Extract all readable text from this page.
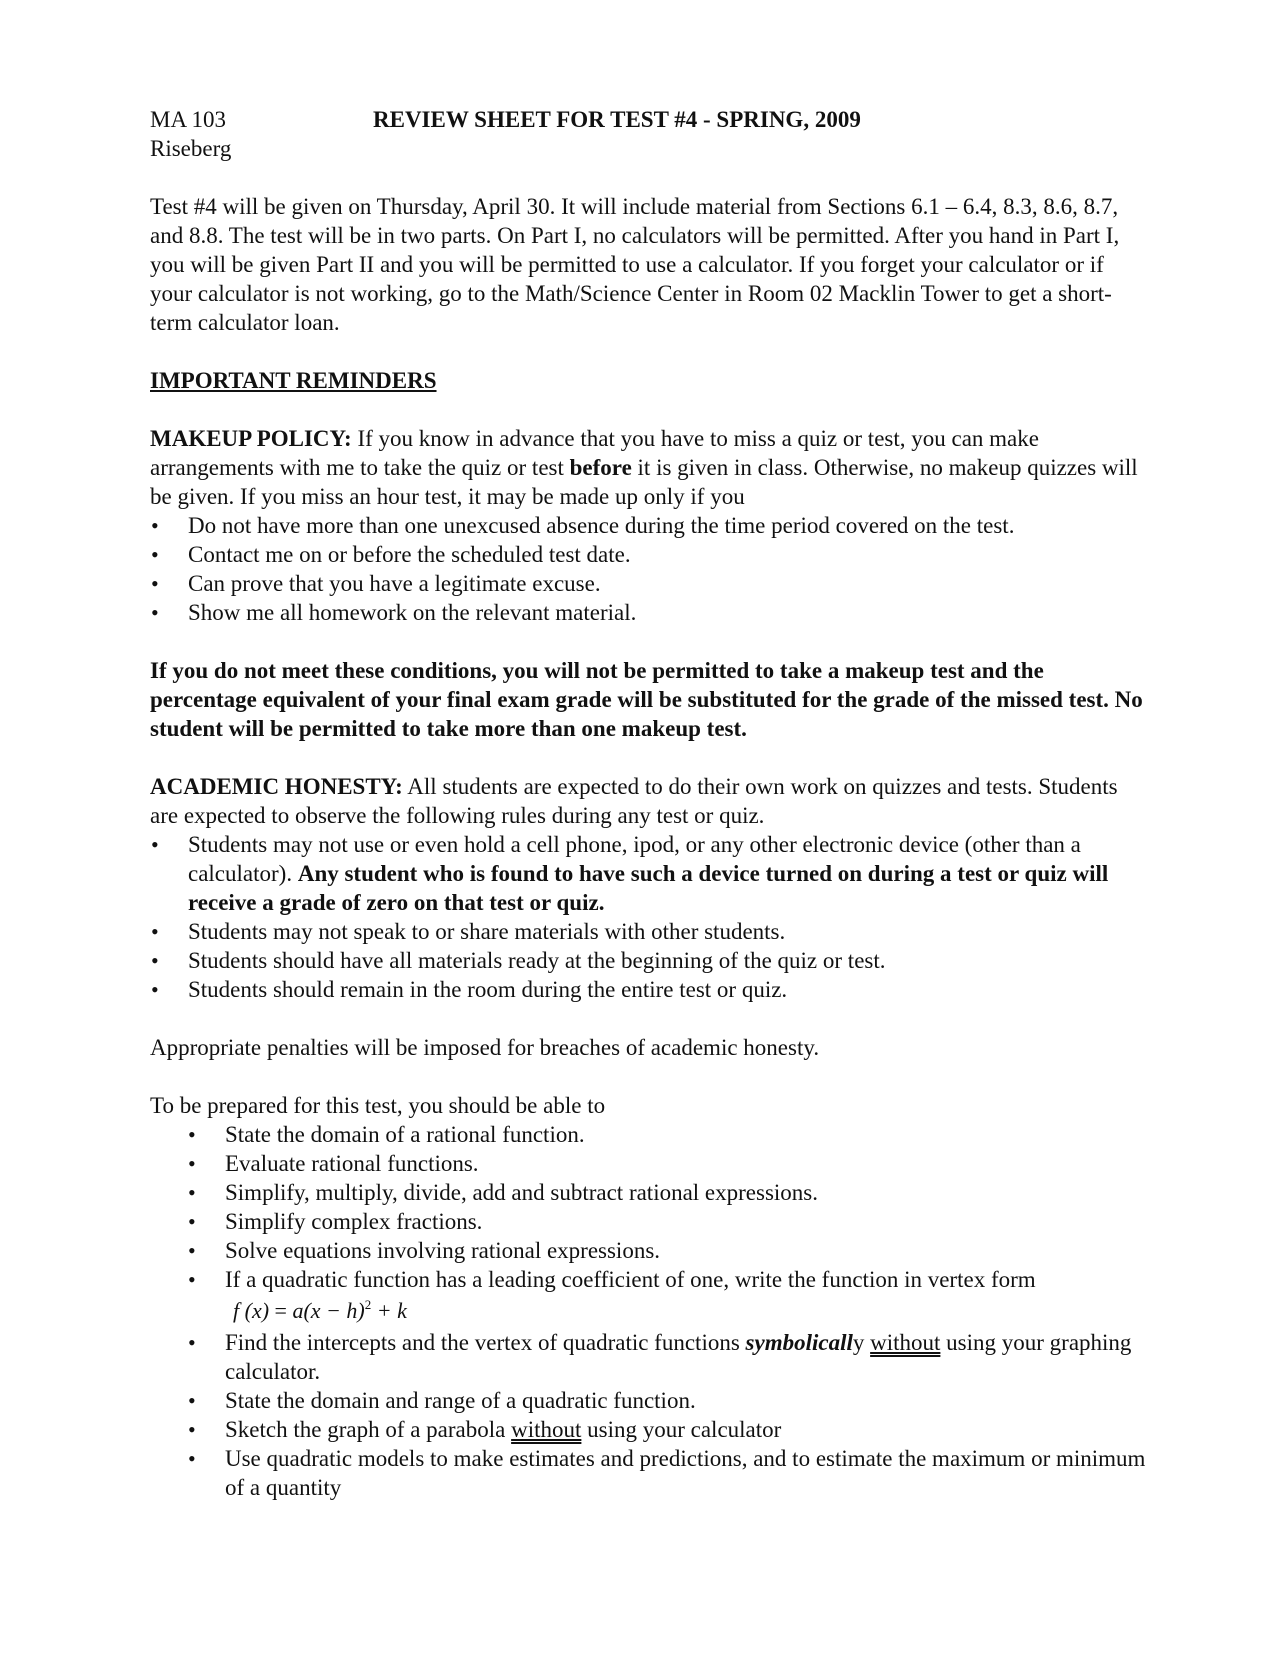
MA 103	REVIEW SHEET FOR TEST #4 - SPRING, 2009

Riseberg

Test #4 will be given on Thursday, April 30. It will include material from Sections 6.1 – 6.4, 8.3, 8.6, 8.7, and 8.8. The test will be in two parts. On Part I, no calculators will be permitted. After you hand in Part I, you will be given Part II and you will be permitted to use a calculator. If you forget your calculator or if your calculator is not working, go to the Math/Science Center in Room 02 Macklin Tower to get a short-term calculator loan.

IMPORTANT REMINDERS

MAKEUP POLICY: If you know in advance that you have to miss a quiz or test, you can make arrangements with me to take the quiz or test before it is given in class. Otherwise, no makeup quizzes will be given. If you miss an hour test, it may be made up only if you

• Do not have more than one unexcused absence during the time period covered on the test.
• Contact me on or before the scheduled test date.
• Can prove that you have a legitimate excuse.
• Show me all homework on the relevant material.

If you do not meet these conditions, you will not be permitted to take a makeup test and the percentage equivalent of your final exam grade will be substituted for the grade of the missed test. No student will be permitted to take more than one makeup test.

ACADEMIC HONESTY: All students are expected to do their own work on quizzes and tests. Students are expected to observe the following rules during any test or quiz.

• Students may not use or even hold a cell phone, ipod, or any other electronic device (other than a calculator). Any student who is found to have such a device turned on during a test or quiz will receive a grade of zero on that test or quiz.
• Students may not speak to or share materials with other students.
• Students should have all materials ready at the beginning of the quiz or test.
• Students should remain in the room during the entire test or quiz.

Appropriate penalties will be imposed for breaches of academic honesty.

To be prepared for this test, you should be able to

• State the domain of a rational function.
• Evaluate rational functions.
• Simplify, multiply, divide, add and subtract rational expressions.
• Simplify complex fractions.
• Solve equations involving rational expressions.
• If a quadratic function has a leading coefficient of one, write the function in vertex form
f $(x) = a(x - h)^2 + k$
• Find the intercepts and the vertex of quadratic functions symbolically without using your graphing calculator.
• State the domain and range of a quadratic function.
• Sketch the graph of a parabola without using your calculator
• Use quadratic models to make estimates and predictions, and to estimate the maximum or minimum of a quantity
